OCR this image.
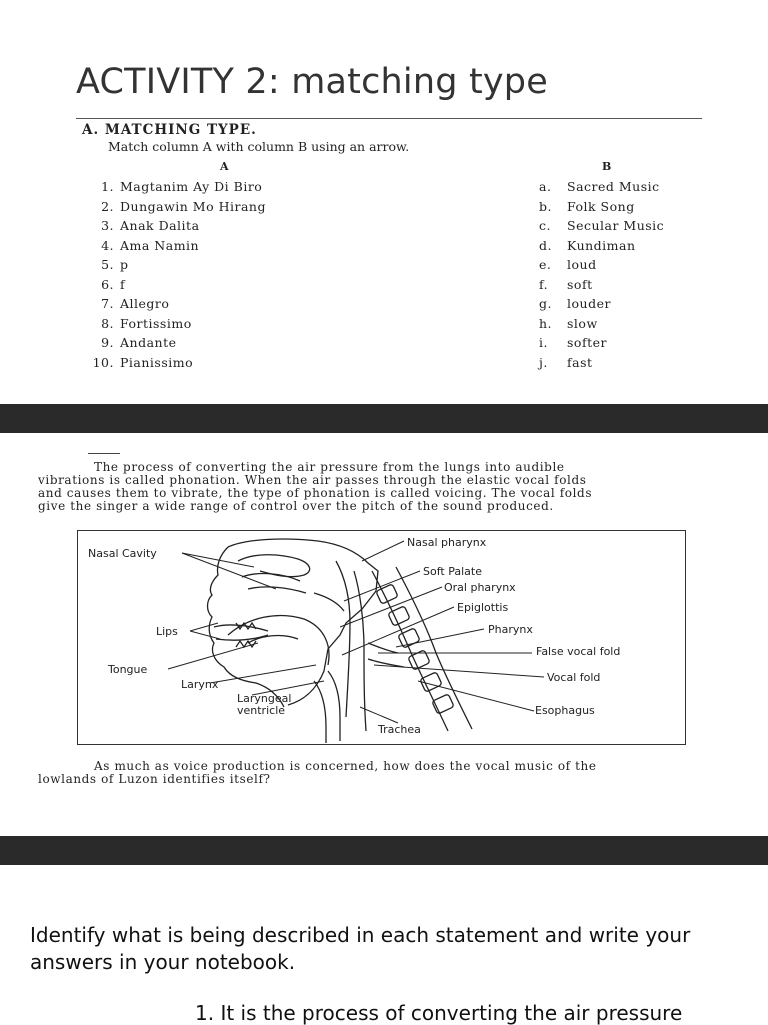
ACTIVITY 2: matching type
A. MATCHING TYPE.
Match column A with column B using an arrow.
A	B
1. Magtanim Ay Di Biro
2. Dungawin Mo Hirang
3. Anak Dalita
4. Ama Namin
5. p
6. f
7. Allegro
8. Fortissimo
9. Andante
10. Pianissimo
a. Sacred Music
b. Folk Song
c. Secular Music
d. Kundiman
e. loud
f. soft
g. louder
h. slow
i. softer
j. fast

The process of converting the air pressure from the lungs into audible

vibrations is called phonation. When the air passes through the elastic vocal folds

and causes them to vibrate, the type of phonation is called voicing. The vocal folds

give the singer a wide range of control over the pitch of the sound produced.

Nasal Cavity
Lips
Tongue
Larynx
Laryngeal
ventricle
Trachea
Nasal pharynx
Soft Palate
Oral pharynx
Epiglottis
Pharynx
False vocal fold
Vocal fold
Esophagus

As much as voice production is concerned, how does the vocal music of the

lowlands of Luzon identifies itself?

Identify what is being described in each statement and write your answers in your notebook.

1. It is the process of converting the air pressure
